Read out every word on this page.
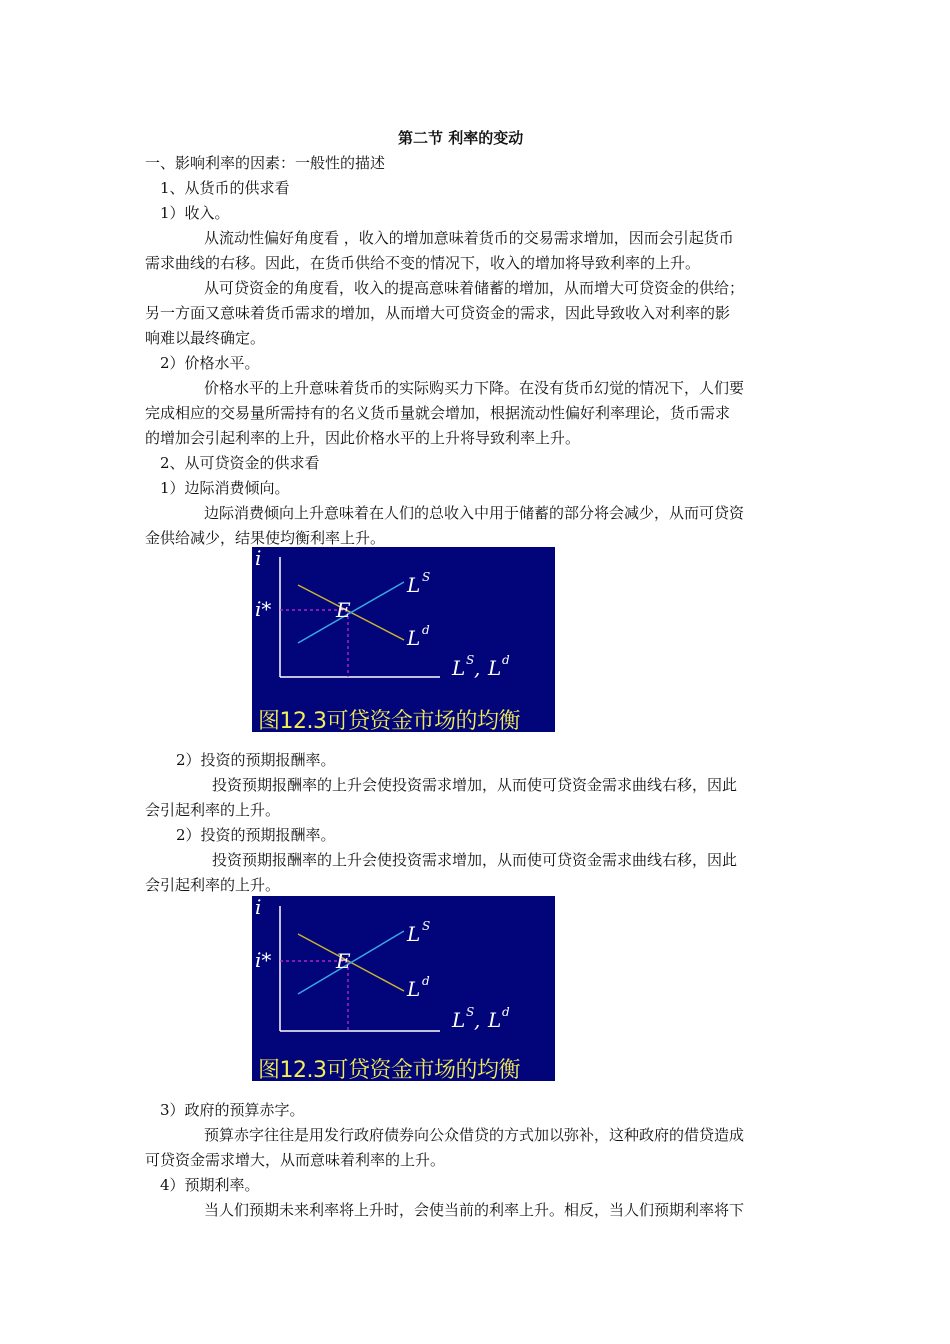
第二节 利率的变动
一、影响利率的因素：一般性的描述
1、从货币的供求看
1）收入。
从流动性偏好角度看 ，收入的增加意味着货币的交易需求增加，因而会引起货币
需求曲线的右移。因此，在货币供给不变的情况下，收入的增加将导致利率的上升。
从可贷资金的角度看，收入的提高意味着储蓄的增加，从而增大可贷资金的供给；
另一方面又意味着货币需求的增加，从而增大可贷资金的需求，因此导致收入对利率的影
响难以最终确定。
2）价格水平。
价格水平的上升意味着货币的实际购买力下降。在没有货币幻觉的情况下，人们要
完成相应的交易量所需持有的名义货币量就会增加，根据流动性偏好利率理论，货币需求
的增加会引起利率的上升，因此价格水平的上升将导致利率上升。
2、从可贷资金的供求看
1）边际消费倾向。
边际消费倾向上升意味着在人们的总收入中用于储蓄的部分将会减少，从而可贷资
金供给减少，结果使均衡利率上升。
i
i*	E
L S
L d
L S , L d
图12.3可贷资金市场的均衡
2）投资的预期报酬率。
投资预期报酬率的上升会使投资需求增加，从而使可贷资金需求曲线右移，因此
会引起利率的上升。
2）投资的预期报酬率。
投资预期报酬率的上升会使投资需求增加，从而使可贷资金需求曲线右移，因此
会引起利率的上升。
i
i*	E
L S
L d
L S , L d
图12.3可贷资金市场的均衡
3）政府的预算赤字。
预算赤字往往是用发行政府债券向公众借贷的方式加以弥补，这种政府的借贷造成
可贷资金需求增大，从而意味着利率的上升。
4）预期利率。
当人们预期未来利率将上升时，会使当前的利率上升。相反，当人们预期利率将下
